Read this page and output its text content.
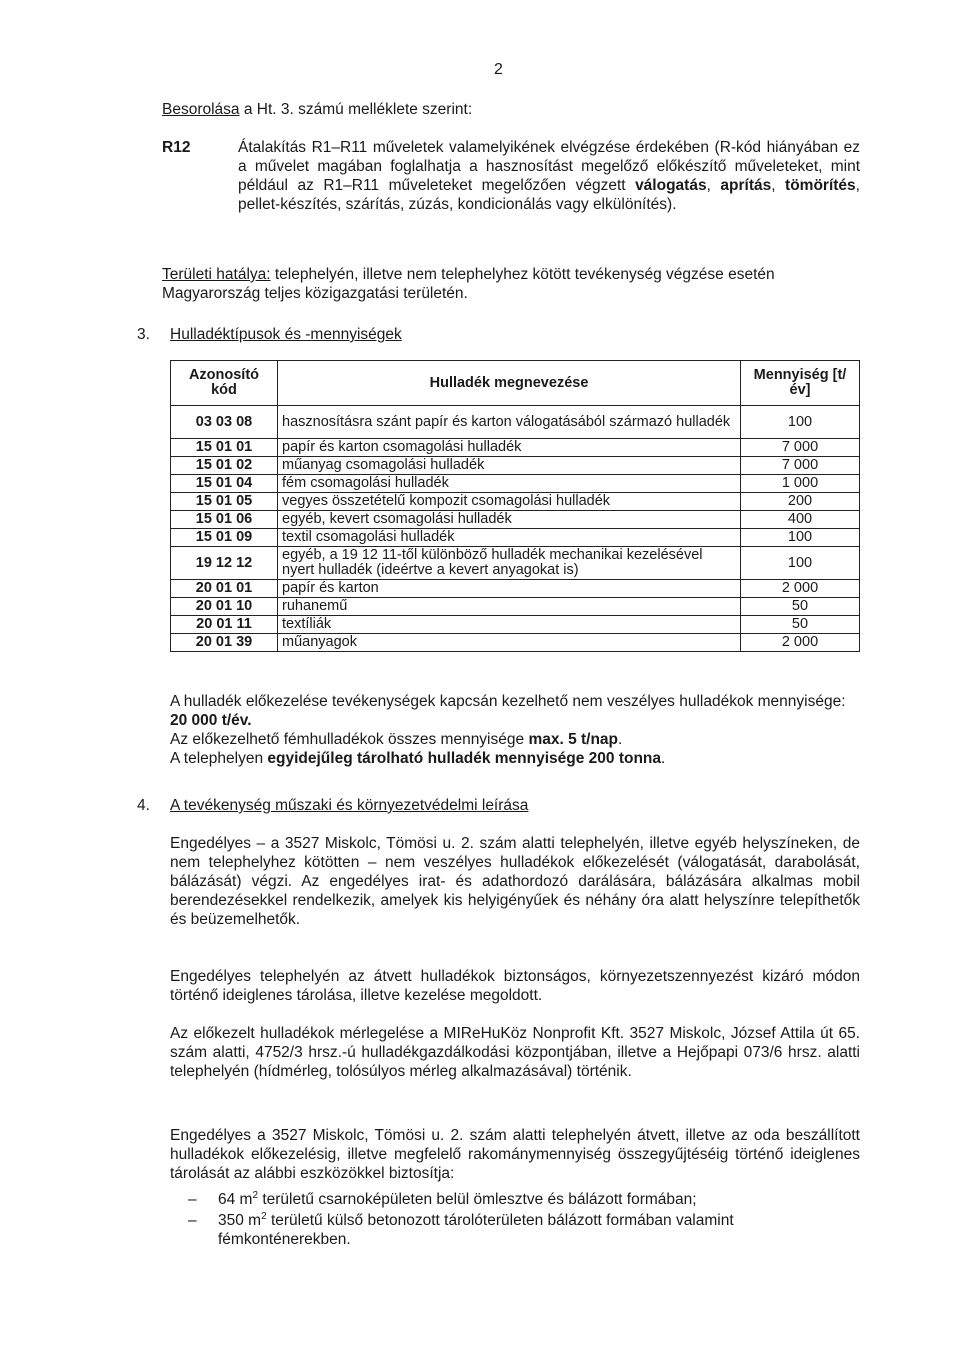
2
Besorolása a Ht. 3. számú melléklete szerint:
R12	Átalakítás R1–R11 műveletek valamelyikének elvégzése érdekében (R-kód hiányában ez a művelet magában foglalhatja a hasznosítást megelőző előkészítő műveleteket, mint például az R1–R11 műveleteket megelőzően végzett válogatás, aprítás, tömörítés, pellet-készítés, szárítás, zúzás, kondicionálás vagy elkülönítés).
Területi hatálya: telephelyén, illetve nem telephelyhez kötött tevékenység végzése esetén Magyarország teljes közigazgatási területén.
3. Hulladéktípusok és -mennyiségek
Azonosító kód	Hulladék megnevezése	Mennyiség [t/év]
03 03 08	hasznosításra szánt papír és karton válogatásából származó hulladék	100
15 01 01	papír és karton csomagolási hulladék	7 000
15 01 02	műanyag csomagolási hulladék	7 000
15 01 04	fém csomagolási hulladék	1 000
15 01 05	vegyes összetételű kompozit csomagolási hulladék	200
15 01 06	egyéb, kevert csomagolási hulladék	400
15 01 09	textil csomagolási hulladék	100
19 12 12	egyéb, a 19 12 11-től különböző hulladék mechanikai kezelésével nyert hulladék (ideértve a kevert anyagokat is)	100
20 01 01	papír és karton	2 000
20 01 10	ruhanemű	50
20 01 11	textíliák	50
20 01 39	műanyagok	2 000
A hulladék előkezelése tevékenységek kapcsán kezelhető nem veszélyes hulladékok mennyisége: 20 000 t/év.
Az előkezelhető fémhulladékok összes mennyisége max. 5 t/nap.
A telephelyen egyidejűleg tárolható hulladék mennyisége 200 tonna.
4. A tevékenység műszaki és környezetvédelmi leírása
Engedélyes – a 3527 Miskolc, Tömösi u. 2. szám alatti telephelyén, illetve egyéb helyszíneken, de nem telephelyhez kötötten – nem veszélyes hulladékok előkezelését (válogatását, darabolását, bálázását) végzi. Az engedélyes irat- és adathordozó darálására, bálázására alkalmas mobil berendezésekkel rendelkezik, amelyek kis helyigényűek és néhány óra alatt helyszínre telepíthetők és beüzemelhetők.
Engedélyes telephelyén az átvett hulladékok biztonságos, környezetszennyezést kizáró módon történő ideiglenes tárolása, illetve kezelése megoldott.
Az előkezelt hulladékok mérlegelése a MIReHuKöz Nonprofit Kft. 3527 Miskolc, József Attila út 65. szám alatti, 4752/3 hrsz.-ú hulladékgazdálkodási központjában, illetve a Hejőpapi 073/6 hrsz. alatti telephelyén (hídmérleg, tolósúlyos mérleg alkalmazásával) történik.
Engedélyes a 3527 Miskolc, Tömösi u. 2. szám alatti telephelyén átvett, illetve az oda beszállított hulladékok előkezelésig, illetve megfelelő rakománymennyiség összegyűjtéséig történő ideiglenes tárolását az alábbi eszközökkel biztosítja:
– 64 $m^2$ területű csarnoképületen belül ömlesztve és bálázott formában;
– 350 $m^2$ területű külső betonozott tárolóterületen bálázott formában valamint fémkonténerekben.
